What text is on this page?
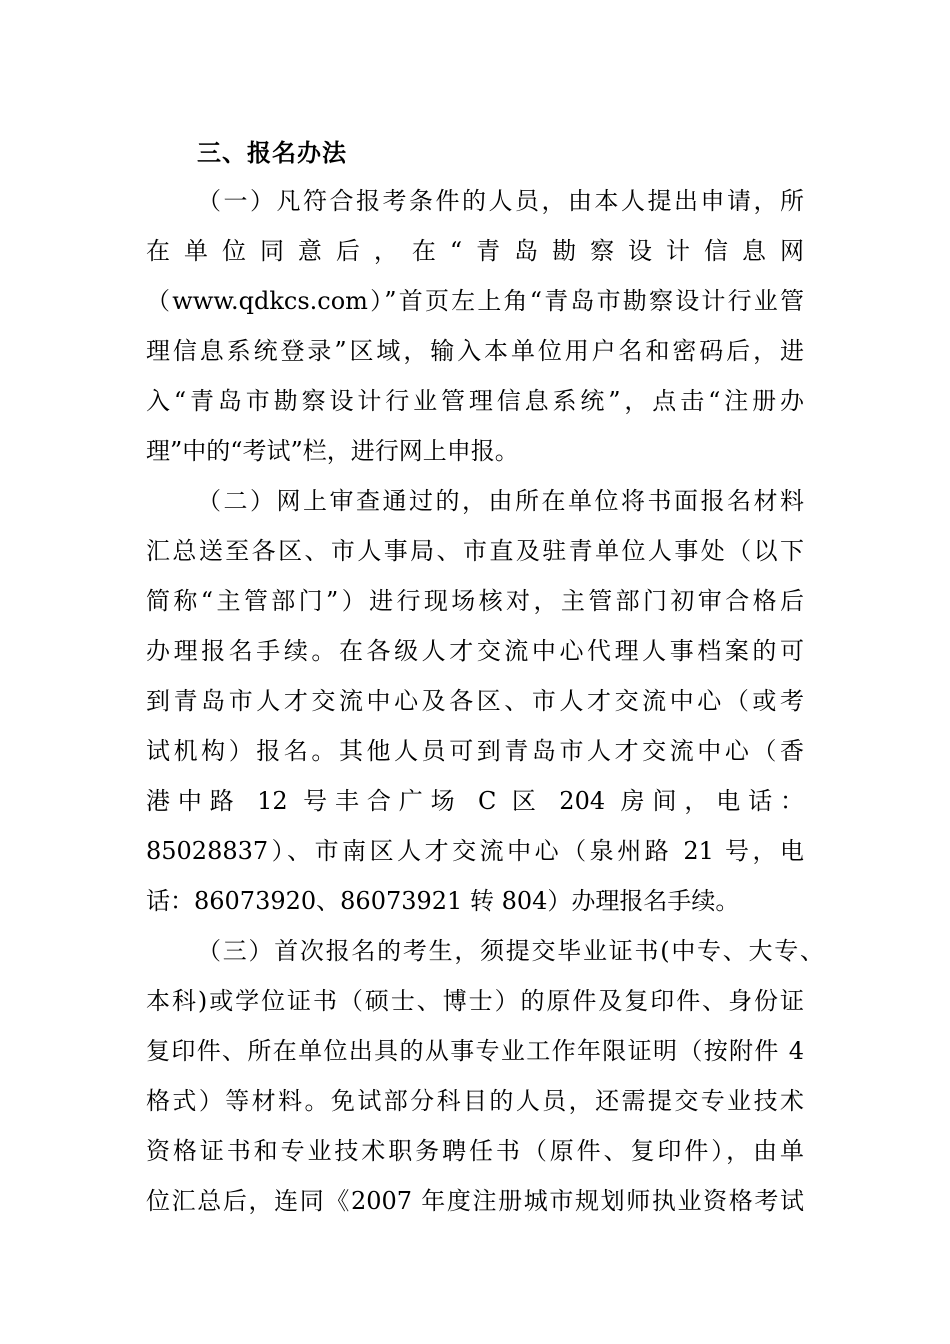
三、报名办法
（一）凡符合报考条件的人员，由本人提出申请，所
在单位同意后，在“青岛勘察设计信息网
（www.qdkcs.com）”首页左上角“青岛市勘察设计行业管
理信息系统登录”区域，输入本单位用户名和密码后，进
入“青岛市勘察设计行业管理信息系统”，点击“注册办
理”中的“考试”栏，进行网上申报。
（二）网上审查通过的，由所在单位将书面报名材料
汇总送至各区、市人事局、市直及驻青单位人事处（以下
简称“主管部门”）进行现场核对，主管部门初审合格后
办理报名手续。在各级人才交流中心代理人事档案的可
到青岛市人才交流中心及各区、市人才交流中心（或考
试机构）报名。其他人员可到青岛市人才交流中心（香
港中路 12 号丰合广场 C 区 204 房间，电话：
85028837）、市南区人才交流中心（泉州路 21 号，电
话：86073920、86073921 转 804）办理报名手续。
（三）首次报名的考生，须提交毕业证书(中专、大专、
本科)或学位证书（硕士、博士）的原件及复印件、身份证
复印件、所在单位出具的从事专业工作年限证明（按附件 4
格式）等材料。免试部分科目的人员，还需提交专业技术
资格证书和专业技术职务聘任书（原件、复印件），由单
位汇总后，连同《2007 年度注册城市规划师执业资格考试
